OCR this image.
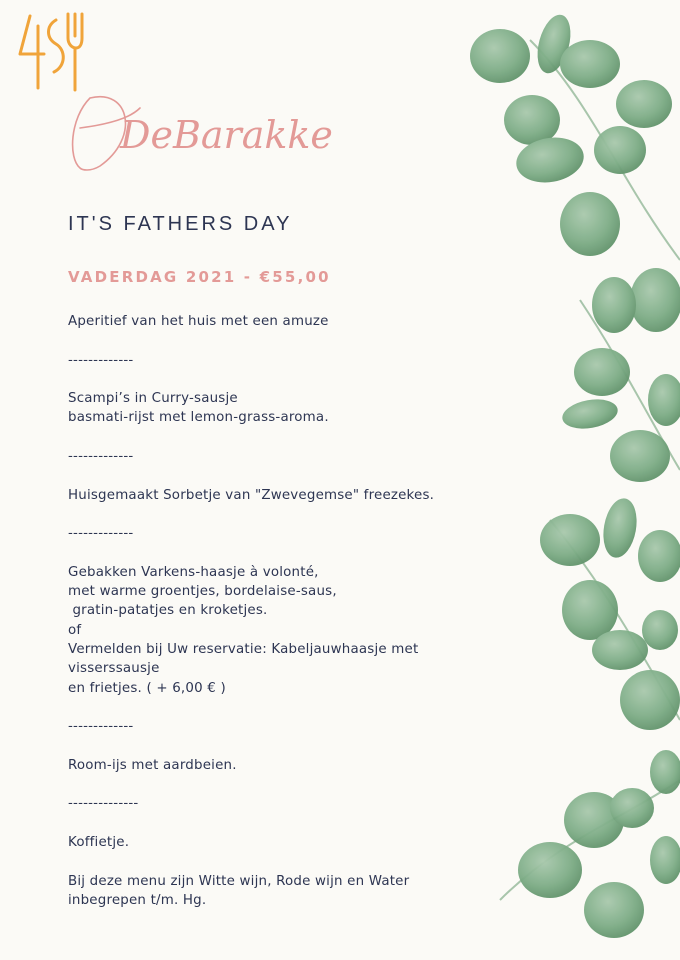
DeBarakke
IT'S FATHERS DAY
VADERDAG 2021 - €55,00
Aperitief van het huis met een amuze
-------------
Scampi’s in Curry-sausje
basmati-rijst met lemon-grass-aroma.
-------------
Huisgemaakt Sorbetje van "Zwevegemse" freezekes.
-------------
Gebakken Varkens-haasje à volonté,
met warme groentjes, bordelaise-saus,
gratin-patatjes en kroketjes.
of
Vermelden bij Uw reservatie: Kabeljauwhaasje met
visserssausje
en frietjes. ( + 6,00 € )
-------------
Room-ijs met aardbeien.
--------------
Koffietje.
Bij deze menu zijn Witte wijn, Rode wijn en Water
inbegrepen t/m. Hg.
